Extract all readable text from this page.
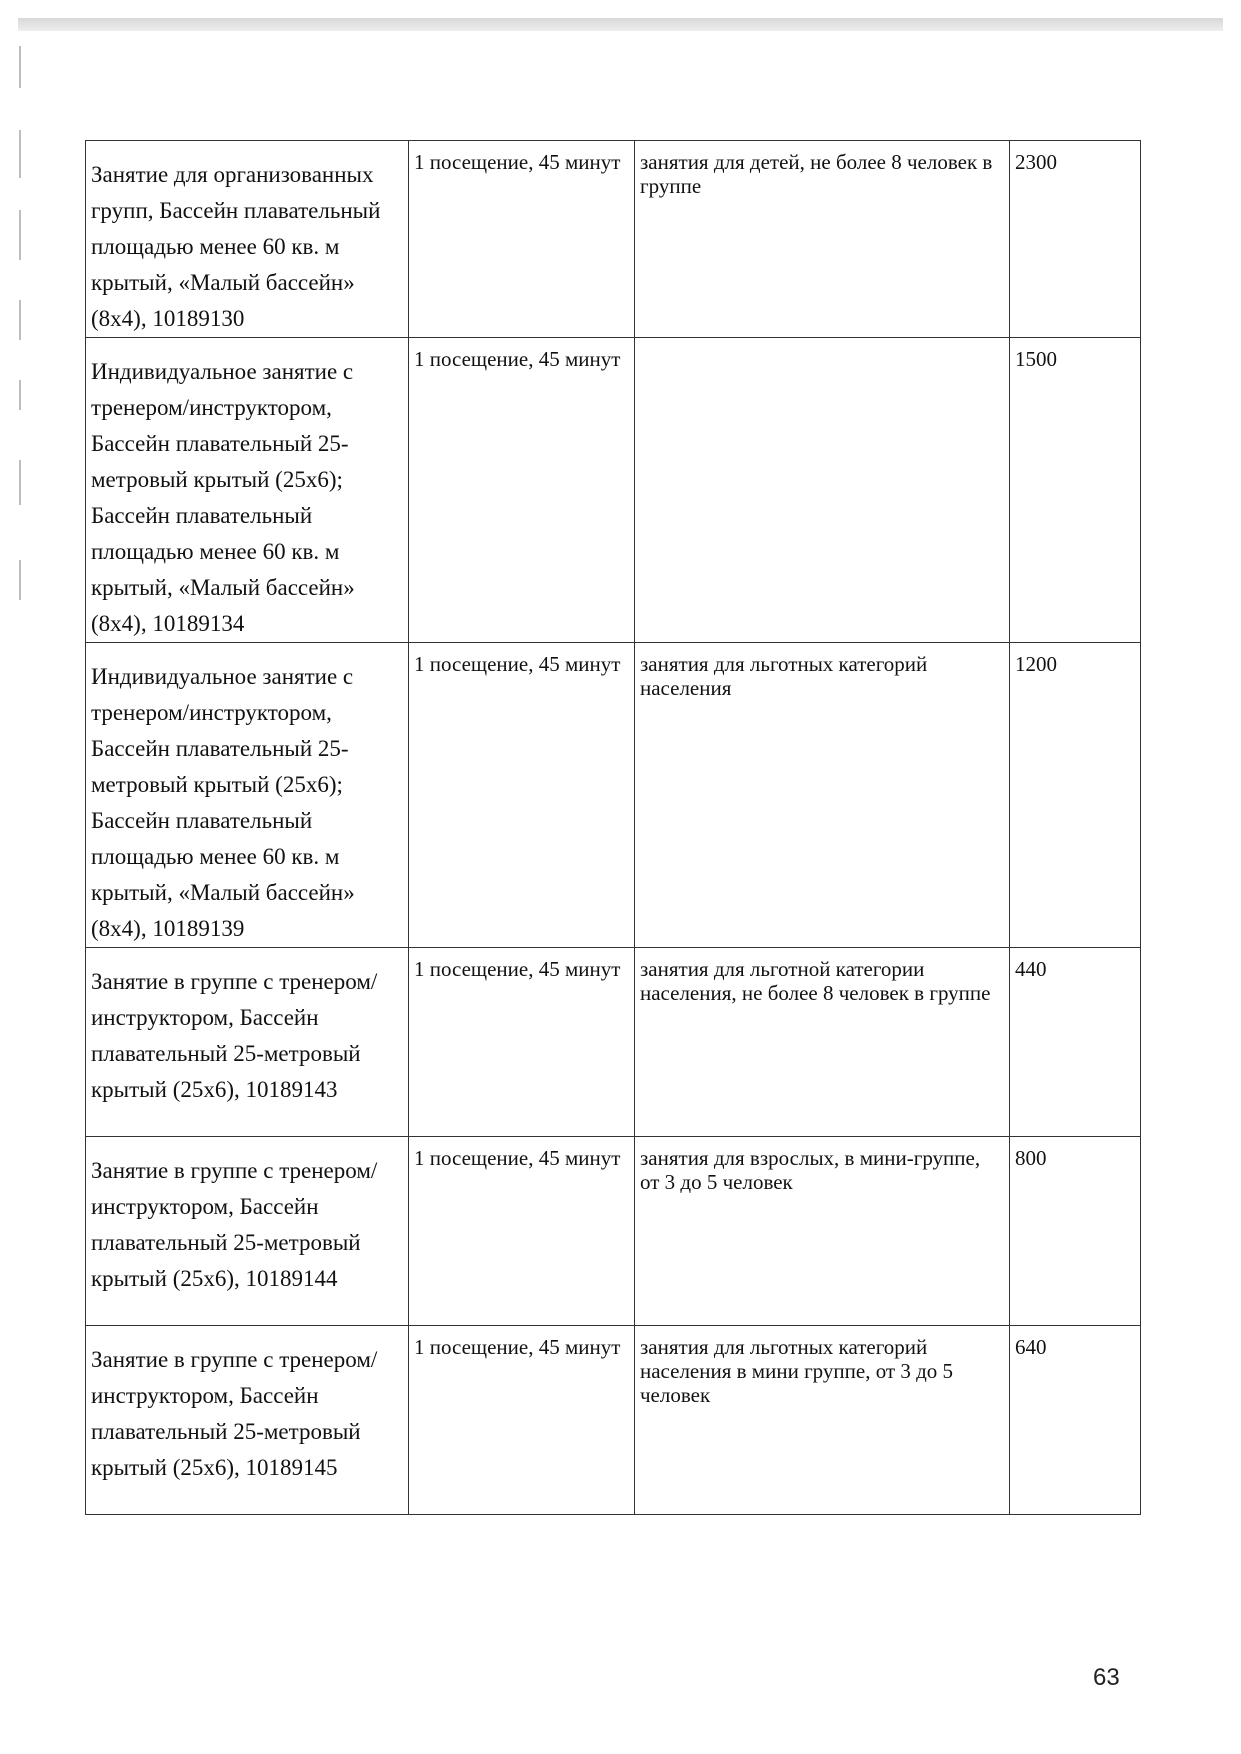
Занятие для организованных групп, Бассейн плавательный площадью менее 60 кв. м крытый, «Малый бассейн» (8x4), 10189130	1 посещение, 45 минут	занятия для детей, не более 8 человек в группе	2300
Индивидуальное занятие с тренером/инструктором, Бассейн плавательный 25-метровый крытый (25х6); Бассейн плавательный площадью менее 60 кв. м крытый, «Малый бассейн» (8x4), 10189134	1 посещение, 45 минут		1500
Индивидуальное занятие с тренером/инструктором, Бассейн плавательный 25-метровый крытый (25х6); Бассейн плавательный площадью менее 60 кв. м крытый, «Малый бассейн» (8x4), 10189139	1 посещение, 45 минут	занятия для льготных категорий населения	1200
Занятие в группе с тренером/инструктором, Бассейн плавательный 25-метровый крытый (25х6), 10189143	1 посещение, 45 минут	занятия для льготной категории населения, не более 8 человек в группе	440
Занятие в группе с тренером/инструктором, Бассейн плавательный 25-метровый крытый (25х6), 10189144	1 посещение, 45 минут	занятия для взрослых, в мини-группе, от 3 до 5 человек	800
Занятие в группе с тренером/инструктором, Бассейн плавательный 25-метровый крытый (25х6), 10189145	1 посещение, 45 минут	занятия для льготных категорий населения в мини группе, от 3 до 5 человек	640
63
